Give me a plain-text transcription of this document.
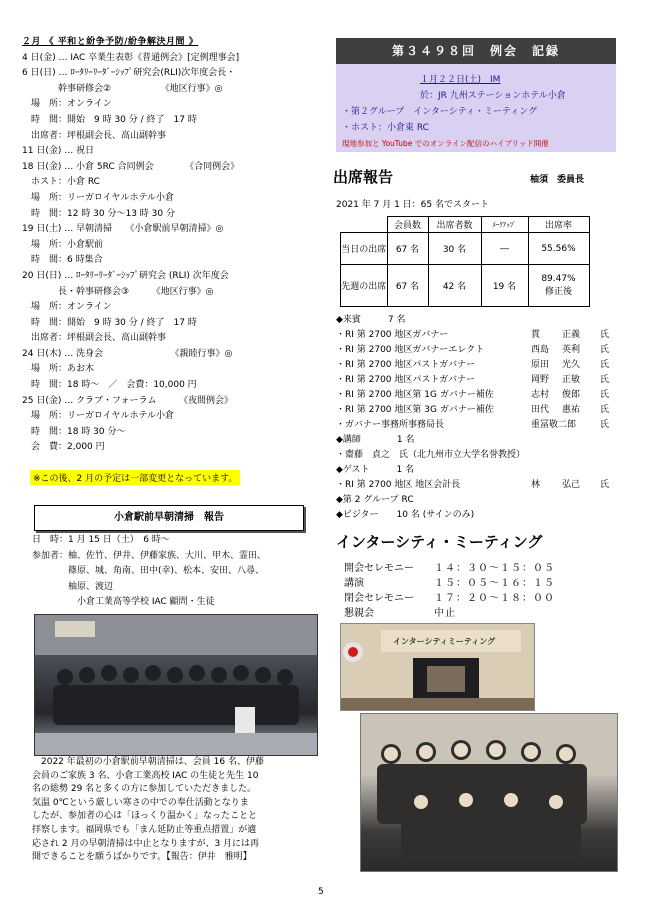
２月 《 平和と紛争予防/紛争解決月間 》
4 日(金) … IAC 卒業生表彰《普通例会》[定例理事会]
6 日(日) … ﾛｰﾀﾘｰﾘｰﾀﾞｰｼｯﾌﾟ研究会(RLI)次年度会長・
　　　　幹事研修会②　　　　　　《地区行事》◎
　場　所：オンライン
　時　間：開始　9 時 30 分 / 終了　17 時
　出席者：坪根副会長、高山副幹事
11 日(金) … 祝日
18 日(金) … 小倉 5RC 合同例会　　　　《合同例会》
　ホスト：小倉 RC
　場　所：リーガロイヤルホテル小倉
　時　間：12 時 30 分～13 時 30 分
19 日(土) … 早朝清掃　　《小倉駅前早朝清掃》◎
　場　所：小倉駅前
　時　間：6 時集合
20 日(日) … ﾛｰﾀﾘｰﾘｰﾀﾞｰｼｯﾌﾟ研究会 (RLI) 次年度会
　　　　長・幹事研修会③　　　《地区行事》◎
　場　所：オンライン
　時　間：開始　9 時 30 分 / 終了　17 時
　出席者：坪根副会長、高山副幹事
24 日(木) … 洗身会　　　　　　　　《親睦行事》◎
　場　所：あお木
　時　間：18 時～　／　会費：10,000 円
25 日(金) … クラブ・フォーラム　　　《夜間例会》
　場　所：リーガロイヤルホテル小倉
　時　間：18 時 30 分～
　会　費：2,000 円
※この後、2 月の予定は一部変更となっています。
小倉駅前早朝清掃　報告
日　時：1 月 15 日（土）　6 時～
参加者：柚、佐竹、伊井、伊藤家族、大川、甲木、霊田、
　　　　篠原、城、角南、田中(幸)、松本、安田、八尋、
　　　　柚原、渡辺
　　　　　小倉工業高等学校 IAC 顧問・生徒
　2022 年最初の小倉駅前早朝清掃は、会員 16 名、伊藤
会員のご家族 3 名、小倉工業高校 IAC の生徒と先生 10
名の総勢 29 名と多くの方に参加していただきました。
気温 0℃という厳しい寒さの中での奉仕活動となりま
したが、参加者の心は「ほっくり温かく」なったことと
拝察します。福岡県でも「まん延防止等重点措置」が適
応され 2 月の早朝清掃は中止となりますが、3 月には再
開できることを願うばかりです。【報告：伊井　雅明】
第３４９８回　例会　記録
１月２２日(土)　IM
於：JR 九州ステーションホテル小倉
・第２グループ　インターシティ・ミーティング
・ホスト：小倉東 RC
現地参加と YouTube でのオンライン配信のハイブリッド開催
出席報告	柚須　委員長
2021 年 7 月 1 日：65 名でスタート
	会員数	出席者数	ﾒｰｸｱｯﾌﾟ	出席率
当日の出席	67 名	30 名	―	55.56%
先週の出席	67 名	42 名	19 名	89.47%
修正後
◆来賓　　　7 名
・RI 第 2700 地区ガバナー	貫 正義 氏
・RI 第 2700 地区ガバナーエレクト	西島 英利 氏
・RI 第 2700 地区パストガバナー	原田 光久 氏
・RI 第 2700 地区パストガバナー	岡野 正敏 氏
・RI 第 2700 地区第 1G ガバナー補佐	志村 俊郎 氏
・RI 第 2700 地区第 3G ガバナー補佐	田代 惠祐 氏
・ガバナー事務所事務局長	重冨敬二郎	氏
◆講師　　　　1 名
・齋藤　貞之　氏（北九州市立大学名誉教授）
◆ゲスト　　　1 名
・RI 第 2700 地区 地区会計長	林 弘己 氏
◆第 2 グループ RC
◆ビジター　　10 名 (サインのみ)
インターシティ・ミーティング
開会セレモニー １４：３０～１５：０５
講演	１５：０５～１６：１５
閉会セレモニー １７：２０～１８：００
懇親会	中止
インターシティミーティング
5
